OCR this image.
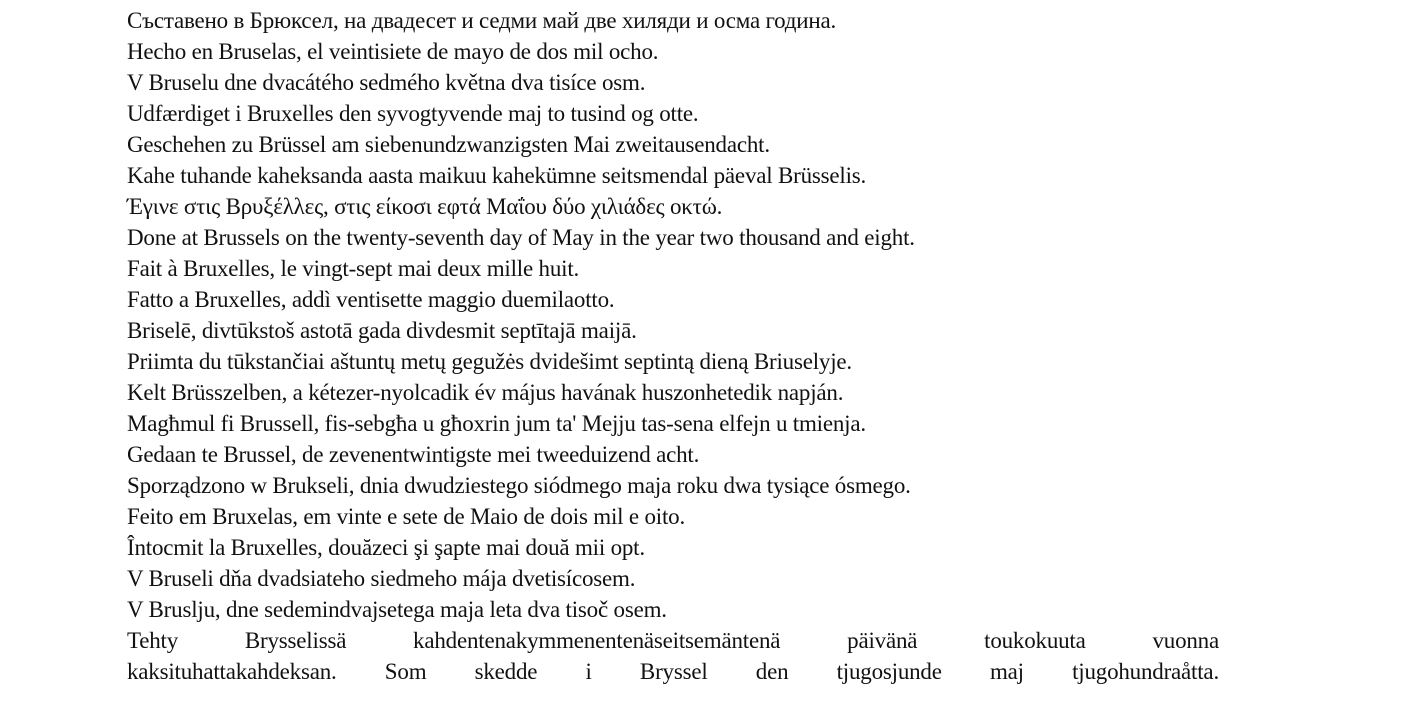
Съставено в Брюксел, на двадесет и седми май две хиляди и осма година.
Hecho en Bruselas, el veintisiete de mayo de dos mil ocho.
V Bruselu dne dvacátého sedmého května dva tisíce osm.
Udfærdiget i Bruxelles den syvogtyvende maj to tusind og otte.
Geschehen zu Brüssel am siebenundzwanzigsten Mai zweitausendacht.
Kahe tuhande kaheksanda aasta maikuu kahekümne seitsmendal päeval Brüsselis.
Έγινε στις Βρυξέλλες, στις είκοσι εφτά Μαΐου δύο χιλιάδες οκτώ.
Done at Brussels on the twenty-seventh day of May in the year two thousand and eight.
Fait à Bruxelles, le vingt-sept mai deux mille huit.
Fatto a Bruxelles, addì ventisette maggio duemilaotto.
Briselē, divtūkstoš astotā gada divdesmit septītajā maijā.
Priimta du tūkstančiai aštuntų metų gegužės dvidešimt septintą dieną Briuselyje.
Kelt Brüsszelben, a kétezer-nyolcadik év május havának huszonhetedik napján.
Magħmul fi Brussell, fis-sebgħa u għoxrin jum ta' Mejju tas-sena elfejn u tmienja.
Gedaan te Brussel, de zevenentwintigste mei tweeduizend acht.
Sporządzono w Brukseli, dnia dwudziestego siódmego maja roku dwa tysiące ósmego.
Feito em Bruxelas, em vinte e sete de Maio de dois mil e oito.
Întocmit la Bruxelles, douăzeci şi şapte mai două mii opt.
V Bruseli dňa dvadsiateho siedmeho mája dvetisícosem.
V Bruslju, dne sedemindvajsetega maja leta dva tisoč osem.
Tehty Brysselissä kahdentenakymmenentenäseitsemäntenä päivänä toukokuuta vuonna
kaksituhattakahdeksan. Som skedde i Bryssel den tjugosjunde maj tjugohundraåtta.
